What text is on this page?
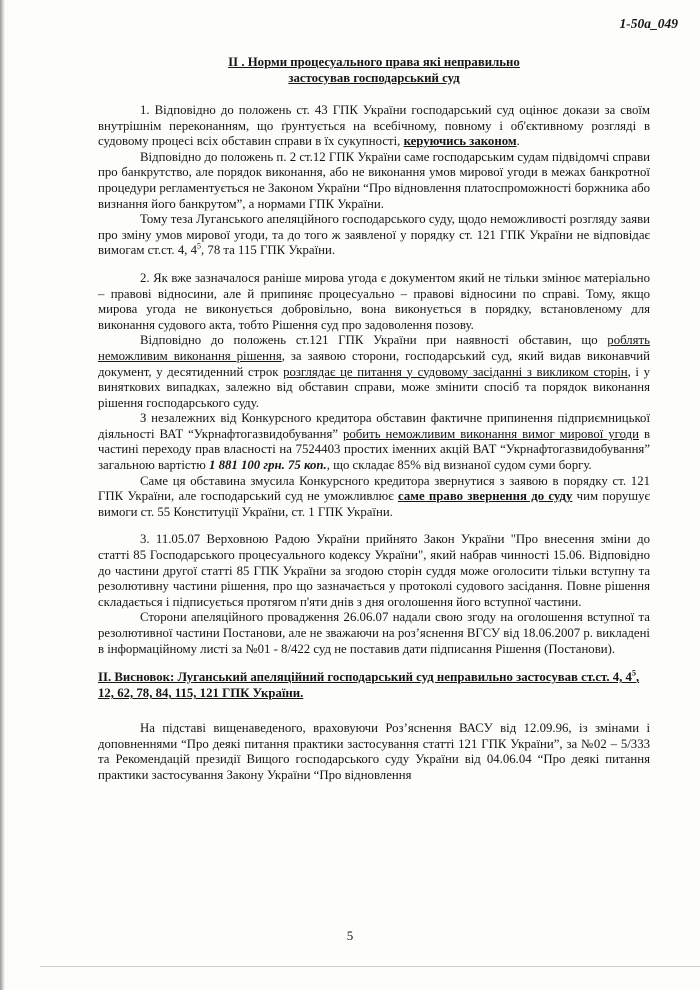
1-50а_049
ІІ . Норми процесуального права які неправильно
застосував господарський суд

1. Відповідно до положень ст. 43 ГПК України господарський суд оцінює докази за своїм внутрішнім переконанням, що ґрунтується на всебічному, повному і об'єктивному розгляді в судовому процесі всіх обставин справи в їх сукупності, керуючись законом.

Відповідно до положень п. 2 ст.12 ГПК України саме господарським судам підвідомчі справи про банкрутство, але порядок виконання, або не виконання умов мирової угоди в межах банкротної процедури регламентується не Законом України “Про відновлення платоспроможності боржника або визнання його банкрутом”, а нормами ГПК України.

Тому теза Луганського апеляційного господарського суду, щодо неможливості розгляду заяви про зміну умов мирової угоди, та до того ж заявленої у порядку ст. 121 ГПК України не відповідає вимогам ст.ст. 4, $4^5$, 78 та 115 ГПК України.

2. Як вже зазначалося раніше мирова угода є документом який не тільки змінює матеріально – правові відносини, але й припиняє процесуально – правові відносини по справі. Тому, якщо мирова угода не виконується добровільно, вона виконується в порядку, встановленому для виконання судового акта, тобто Рішення суд про задоволення позову.

Відповідно до положень ст.121 ГПК України при наявності обставин, що роблять неможливим виконання рішення, за заявою сторони, господарський суд, який видав виконавчий документ, у десятиденний строк розглядає це питання у судовому засіданні з викликом сторін, і у виняткових випадках, залежно від обставин справи, може змінити спосіб та порядок виконання рішення господарського суду.

З незалежних від Конкурсного кредитора обставин фактичне припинення підприємницької діяльності ВАТ “Укрнафтогазвидобування” робить неможливим виконання вимог мирової угоди в частині переходу прав власності на 7524403 простих іменних акцій ВАТ “Укрнафтогазвидобування” загальною вартістю 1 881 100 грн. 75 коп., що складає 85% від визнаної судом суми боргу.

Саме ця обставина змусила Конкурсного кредитора звернутися з заявою в порядку ст. 121 ГПК України, але господарський суд не уможливлює саме право звернення до суду чим порушує вимоги ст. 55 Конституції України, ст. 1 ГПК України.

3. 11.05.07 Верховною Радою України прийнято Закон України "Про внесення зміни до статті 85 Господарського процесуального кодексу України", який набрав чинності 15.06. Відповідно до частини другої статті 85 ГПК України за згодою сторін суддя може оголосити тільки вступну та резолютивну частини рішення, про що зазначається у протоколі судового засідання. Повне рішення складається і підписується протягом п'яти днів з дня оголошення його вступної частини.

Сторони апеляційного провадження 26.06.07 надали свою згоду на оголошення вступної та резолютивної частини Постанови, але не зважаючи на роз’яснення ВГСУ від 18.06.2007 р. викладені в інформаційному листі за №01 - 8/422 суд не поставив дати підписання Рішення (Постанови).

ІІ. Висновок: Луганський апеляційний господарський суд неправильно застосував ст.ст. 4, $4^5$, 12, 62, 78, 84, 115, 121 ГПК України.

На підставі вищенаведеного, враховуючи Роз’яснення ВАСУ від 12.09.96, із змінами і доповненнями “Про деякі питання практики застосування статті 121 ГПК України”, за №02 – 5/333 та Рекомендацій президії Вищого господарського суду України від 04.06.04 “Про деякі питання практики застосування Закону України “Про відновлення

5
